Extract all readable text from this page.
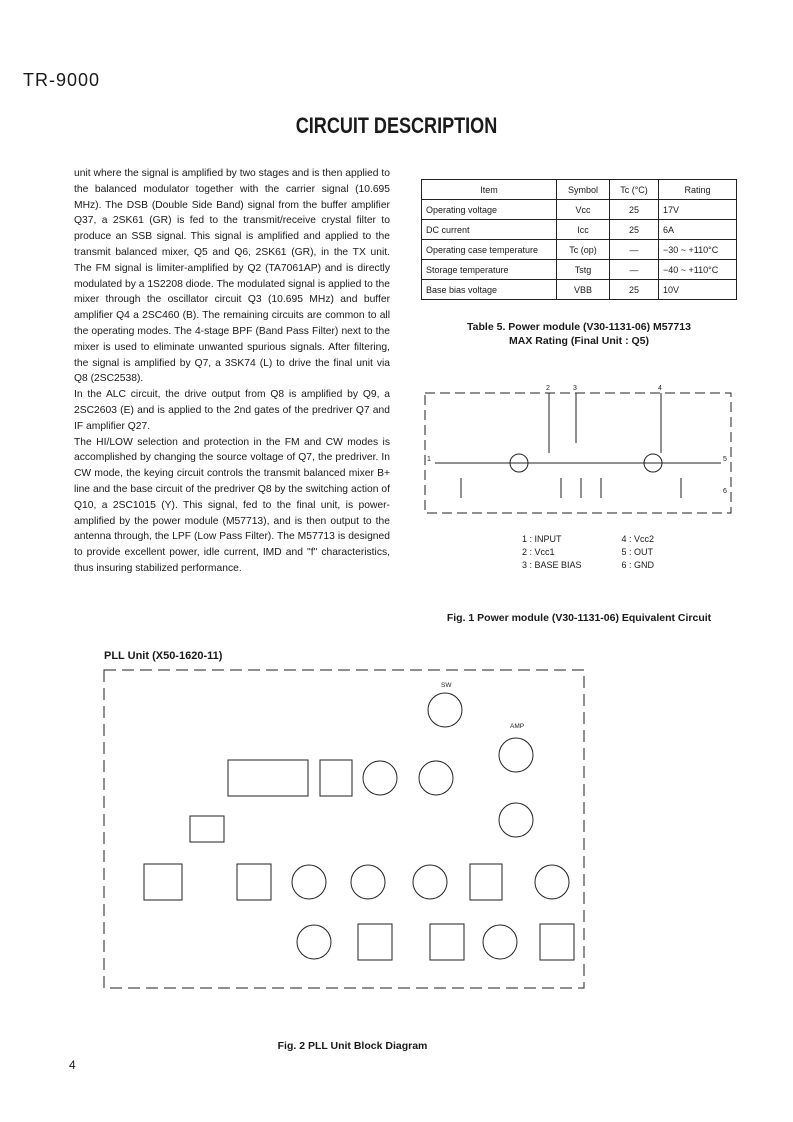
TR-9000
CIRCUIT DESCRIPTION

unit where the signal is amplified by two stages and is then applied to the balanced modulator together with the carrier signal (10.695 MHz). The DSB (Double Side Band) signal from the buffer amplifier Q37, a 2SK61 (GR) is fed to the transmit/receive crystal filter to produce an SSB signal. This signal is amplified and applied to the transmit balanced mixer, Q5 and Q6, 2SK61 (GR), in the TX unit. The FM signal is limiter-amplified by Q2 (TA7061AP) and is directly modulated by a 1S2208 diode. The modulated signal is applied to the mixer through the oscillator circuit Q3 (10.695 MHz) and buffer amplifier Q4 a 2SC460 (B). The remaining circuits are common to all the operating modes. The 4-stage BPF (Band Pass Filter) next to the mixer is used to eliminate unwanted spurious signals. After filtering, the signal is amplified by Q7, a 3SK74 (L) to drive the final unit via Q8 (2SC2538).

In the ALC circuit, the drive output from Q8 is amplified by Q9, a 2SC2603 (E) and is applied to the 2nd gates of the predriver Q7 and IF amplifier Q27.

The HI/LOW selection and protection in the FM and CW modes is accomplished by changing the source voltage of Q7, the predriver. In CW mode, the keying circuit controls the transmit balanced mixer B+ line and the base circuit of the predriver Q8 by the switching action of Q10, a 2SC1015 (Y). This signal, fed to the final unit, is power-amplified by the power module (M57713), and is then output to the antenna through, the LPF (Low Pass Filter). The M57713 is designed to provide excellent power, idle current, IMD and "f" characteristics, thus insuring stabilized performance.

Item	Symbol	Tc (°C)	Rating
Operating voltage	Vcc	25	17V
DC current	Icc	25	6A
Operating case temperature	Tc (op)	—	−30 ~ +110°C
Storage temperature	Tstg	—	−40 ~ +110°C
Base bias voltage	VBB	25	10V
Table 5. Power module (V30-1131-06) M57713
MAX Rating (Final Unit : Q5)
2	3	4
1	5
6
1 : INPUT
2 : Vcc1
3 : BASE BIAS
4 : Vcc2
5 : OUT
6 : GND
Fig. 1 Power module (V30-1131-06) Equivalent Circuit
PLL Unit (X50-1620-11)
SW
AMP
Fig. 2 PLL Unit Block Diagram
4
